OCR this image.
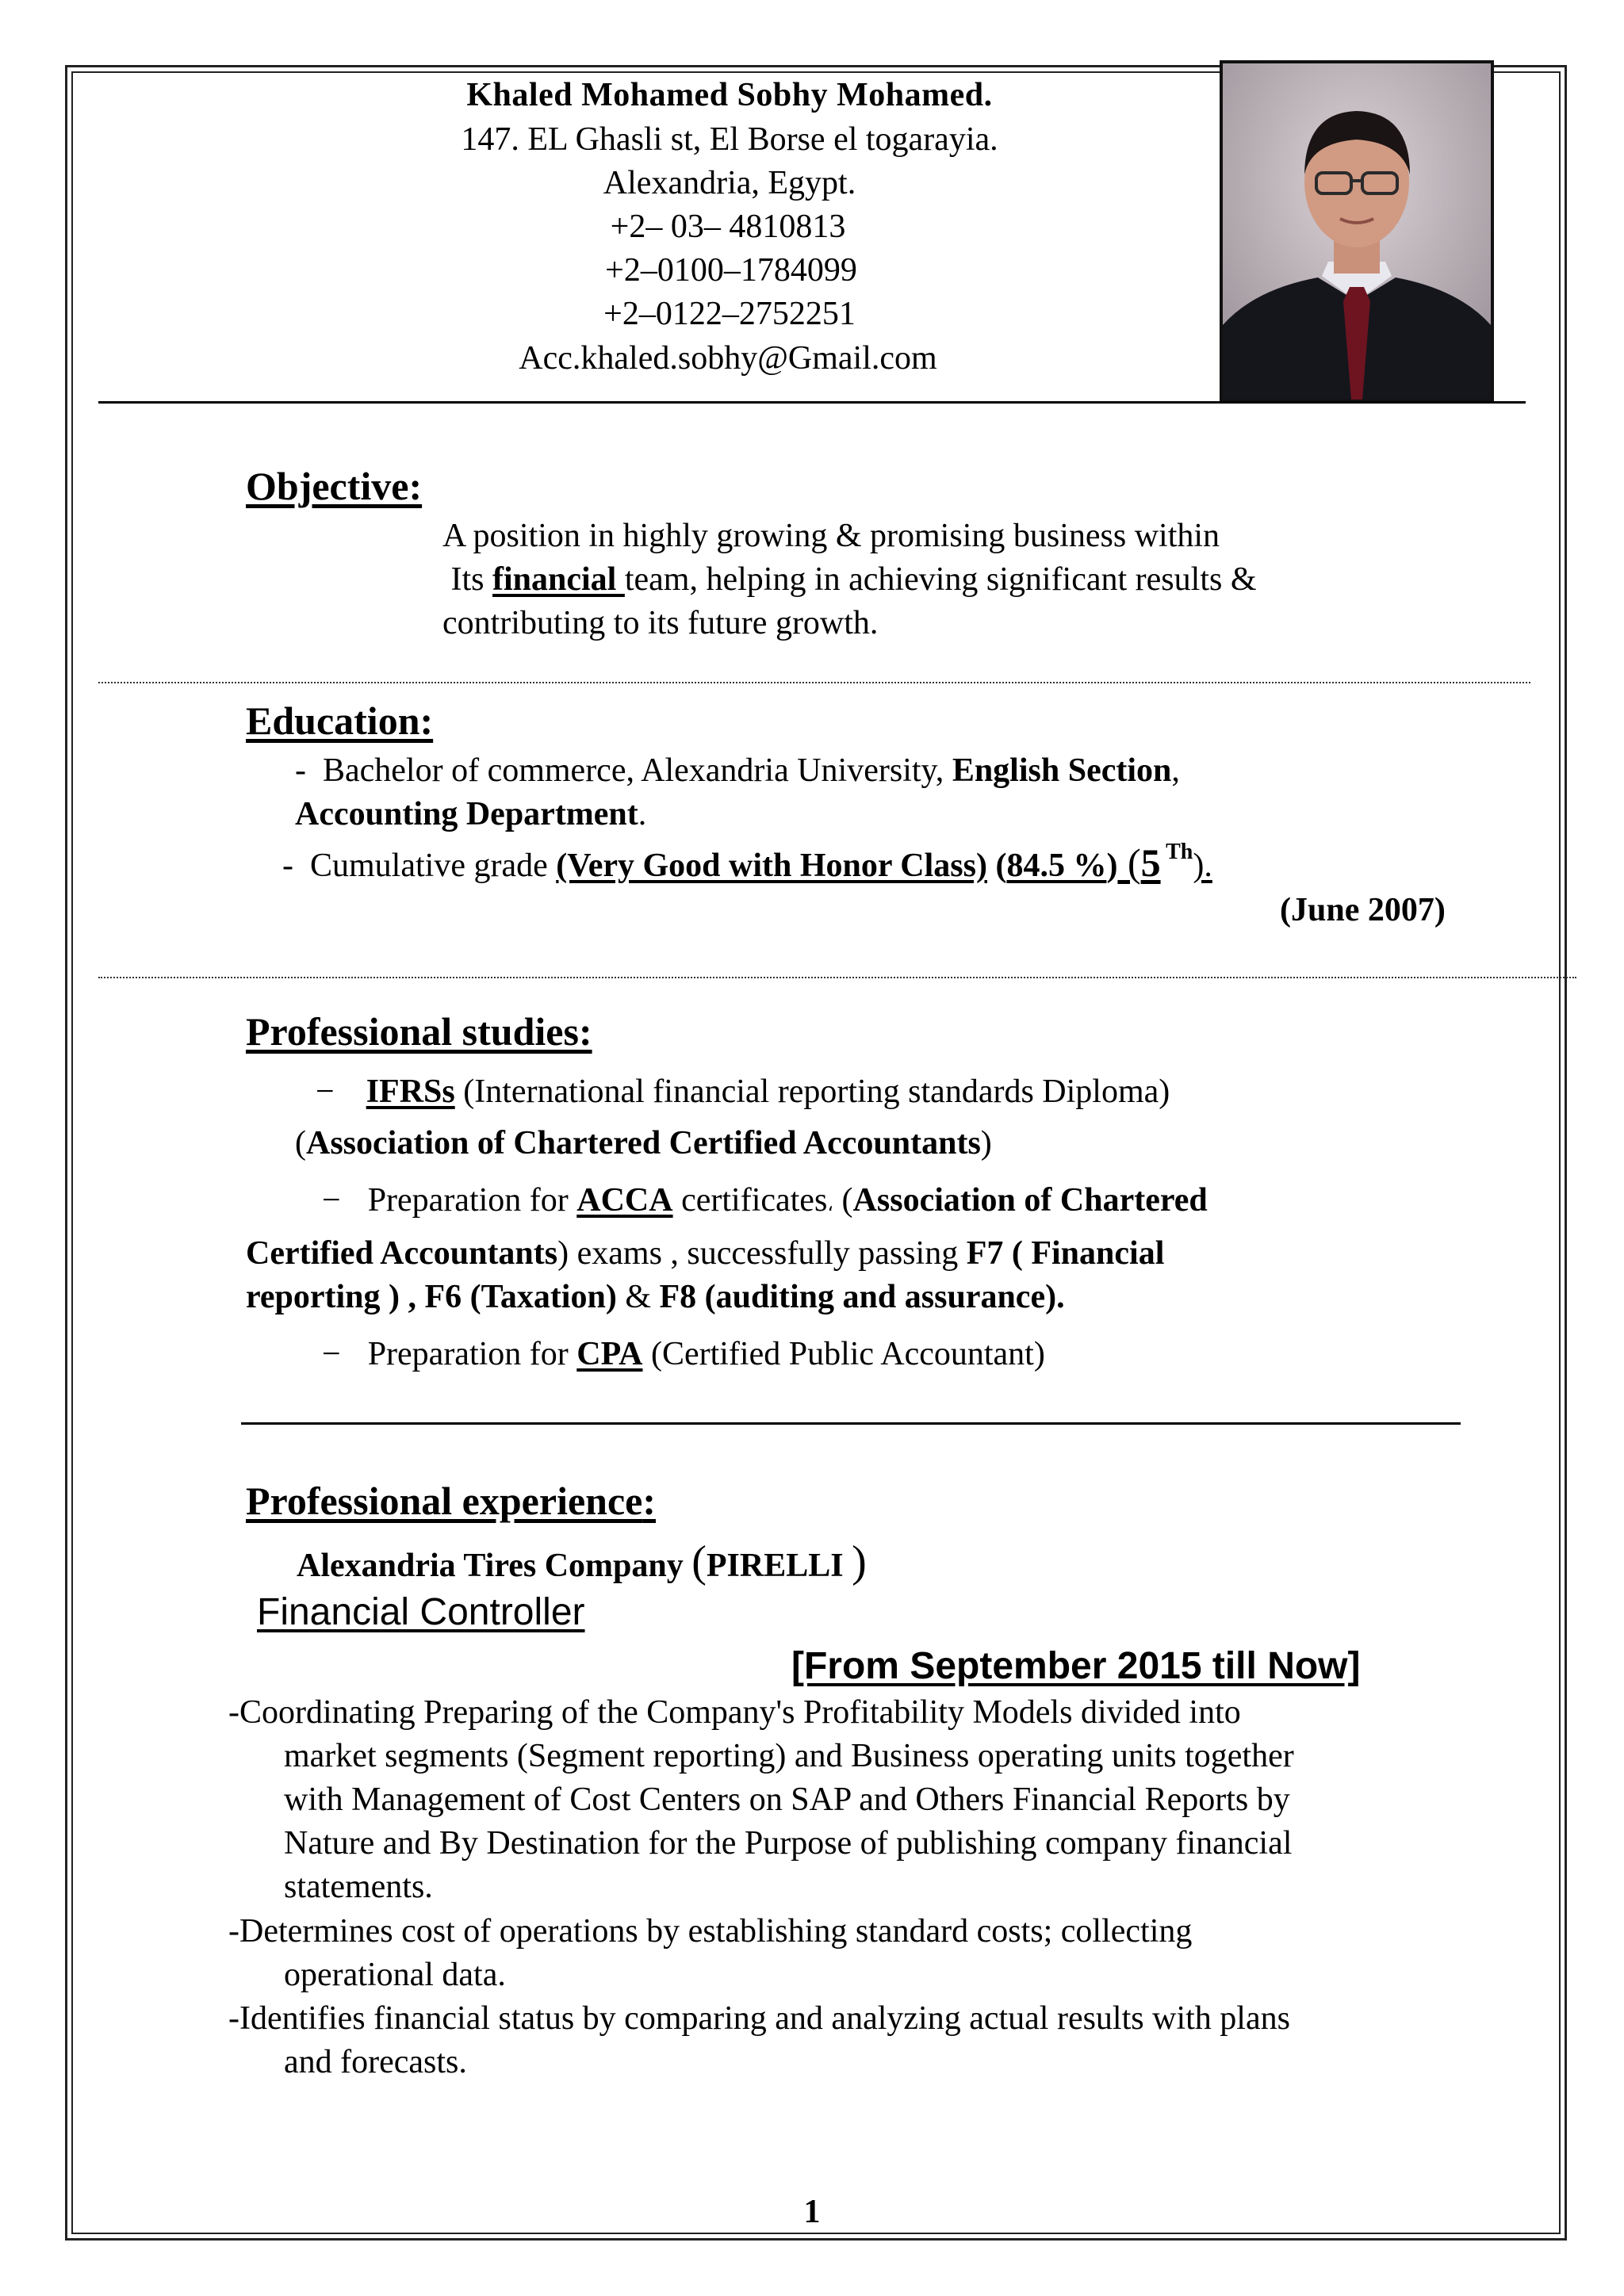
Khaled Mohamed Sobhy Mohamed.
147. EL Ghasli st, El Borse el togarayia.
Alexandria, Egypt.
+2– 03– 4810813
+2–0100–1784099
+2–0122–2752251
Acc.khaled.sobhy@Gmail.com
Objective:
A position in highly growing & promising business within
Its financial team, helping in achieving significant results &
contributing to its future growth.
Education:
-  Bachelor of commerce, Alexandria University, English Section,
Accounting Department.
-  Cumulative grade (Very Good with Honor Class) (84.5 %) (5 $^{Th}$).
(June 2007)
Professional studies:
− IFRSs (International financial reporting standards Diploma)
(Association of Chartered Certified Accountants)
− Preparation for ACCA certificates، (Association of Chartered
Certified Accountants) exams , successfully passing F7 ( Financial
reporting ) , F6 (Taxation) & F8 (auditing and assurance).
− Preparation for CPA (Certified Public Accountant)
Professional experience:
Alexandria Tires Company (PIRELLI )
Financial Controller
[From September 2015 till Now]
-Coordinating Preparing of the Company's Profitability Models divided into
market segments (Segment reporting) and Business operating units together
with Management of Cost Centers on SAP and Others Financial Reports by
Nature and By Destination for the Purpose of publishing company financial
statements.
-Determines cost of operations by establishing standard costs; collecting
operational data.
-Identifies financial status by comparing and analyzing actual results with plans
and forecasts.
1
